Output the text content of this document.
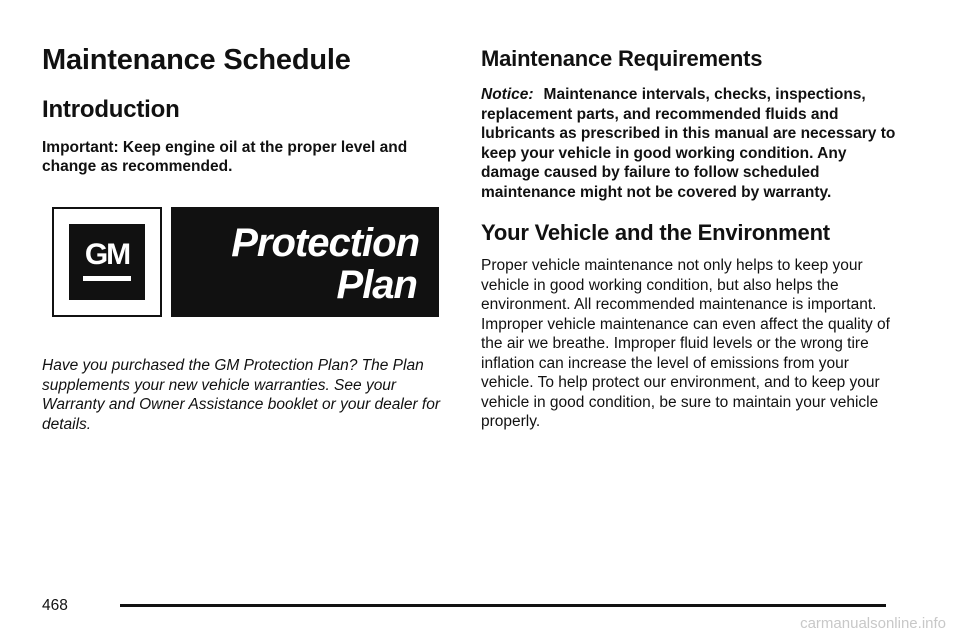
Maintenance Schedule
Introduction

Important: Keep engine oil at the proper level and change as recommended.

GM	Protection
Plan

Have you purchased the GM Protection Plan? The Plan supplements your new vehicle warranties. See your Warranty and Owner Assistance booklet or your dealer for details.

Maintenance Requirements

Notice: Maintenance intervals, checks, inspections, replacement parts, and recommended fluids and lubricants as prescribed in this manual are necessary to keep your vehicle in good working condition. Any damage caused by failure to follow scheduled maintenance might not be covered by warranty.

Your Vehicle and the Environment

Proper vehicle maintenance not only helps to keep your vehicle in good working condition, but also helps the environment. All recommended maintenance is important. Improper vehicle maintenance can even affect the quality of the air we breathe. Improper fluid levels or the wrong tire inflation can increase the level of emissions from your vehicle. To help protect our environment, and to keep your vehicle in good condition, be sure to maintain your vehicle properly.

468
carmanualsonline.info
